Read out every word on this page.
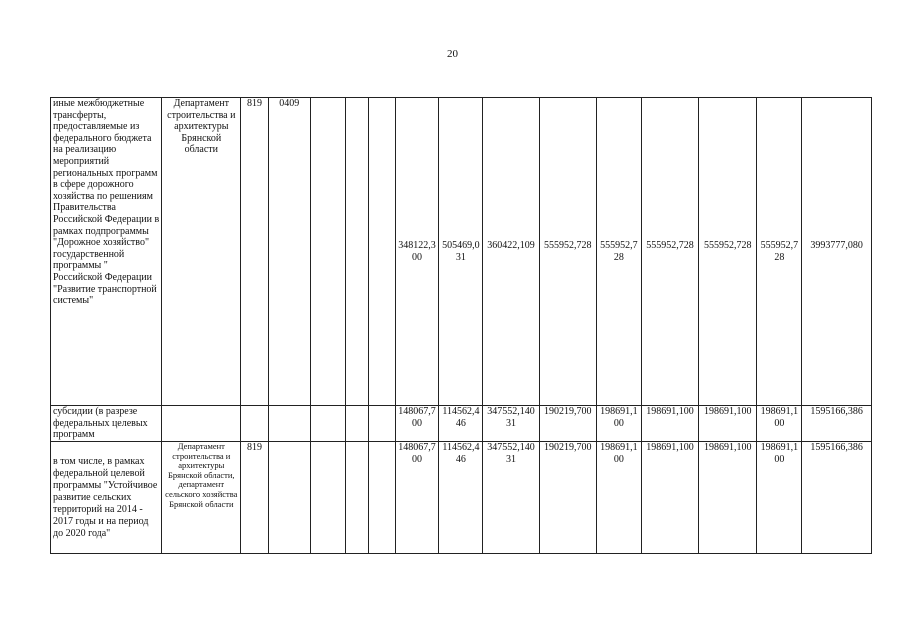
20
иные межбюджетные трансферты, предоставляемые из федерального бюджета на реализацию мероприятий региональных программ в сфере дорожного хозяйства по решениям Правительства Российской Федерации в рамках подпрограммы "Дорожное хозяйство" государственной программы " Российской Федерации "Развитие транспортной системы"	Департамент строительства и архитектуры Брянской области	819	0409				348122,300	505469,031	360422,109	555952,728	555952,728	555952,728	555952,728	555952,728	3993777,080
субсидии (в разрезе федеральных целевых программ							148067,700	114562,446	347552,14031	190219,700	198691,100	198691,100	198691,100	198691,100	1595166,386
в том числе, в рамках федеральной целевой программы "Устойчивое развитие сельских территорий на 2014 - 2017 годы и на период до 2020 года"	Департамент строительства и архитектуры Брянской области, департамент сельского хозяйства Брянской области	819					148067,700	114562,446	347552,14031	190219,700	198691,100	198691,100	198691,100	198691,100	1595166,386
